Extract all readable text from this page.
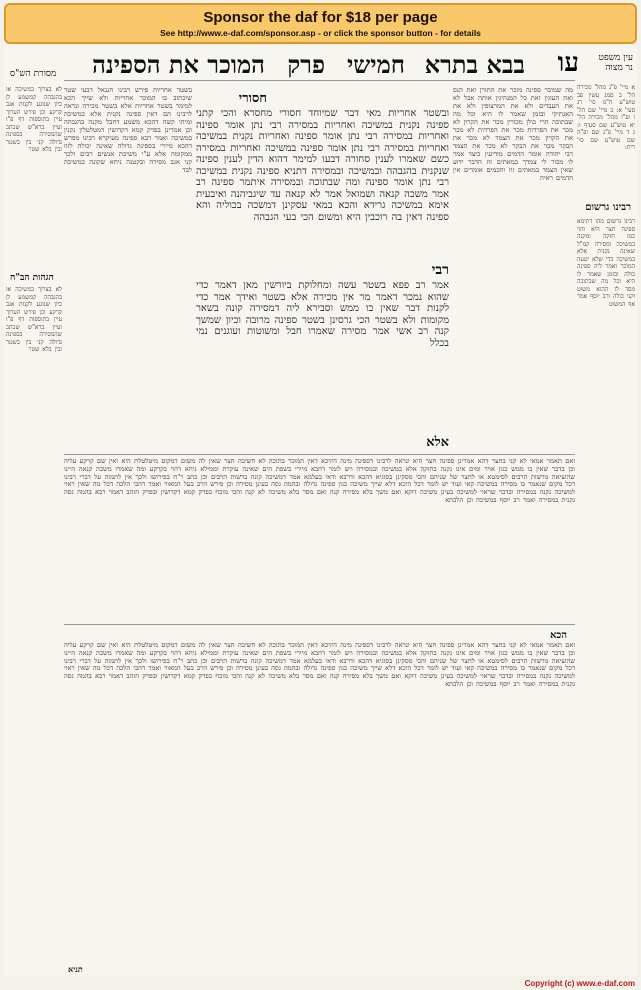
Sponsor the daf for $18 per page
See http://www.e-daf.com/sponsor.asp - or click the sponsor button - for details
עין משפט
נר מצוה
עו
בבא בתרא
חמישי
פרק
המוכר את הספינה
מסורת הש"ס
א מיי' פ"ג מהל' מכירה הל' ב סמג עשין פב טוש"ע ח"מ סי' רג סעי' א: ב מיי' שם הל' ו ופ"ו מהל' מכירה הל' יא טוש"ע שם סעיף ו: ג ד מיי' פ"ג שם ופ"ה שם טוש"ע שם סי' ריח:
רבינו גרשום
רבינו גרשום מהו דתימא ספינה חצר היא והוי כמו חזקה ומקנה במשיכה ומסירה קמ"ל שאינה נקנית אלא במשיכה כדי שלא יטעה המוכר ואמר ליה ספינה כולה ובזמן שאמר לו היא וכל מה שבתוכה מסר לו ההוא משוט וקני כולה ורב יוסף אמר אף המשוט
לא בצרוך במשיכה או בהגבהה קמשמע לן כיון שנוגע לקנות אגב קרקע וכן פירש הערוך עיין בתוספות דף פ"ו ועיין ברא"ש שכתב שהמסירה בספינה גדולה קני בין בשטר ובין בלא שטר
הגהות הב"ח
לא בצרוך במשיכה או בהגבהה קמשמע לן כיון שנוגע לקנות אגב קרקע וכן פירש הערוך עיין בתוספות דף פ"ו ועיין ברא"ש שכתב שהמסירה בספינה גדולה קני בין בשטר ובין בלא שטר
מה שמוכר ספינה מוכר את התורן ואת הנס ואת העוגין ואת כל המנהיגין אותה אבל לא את העבדים ולא את המרצופין ולא את האנתיקי ובזמן שאמר לו היא וכל מה שבתוכה הרי כולן מכורין מכר את הקרון לא מכר את הפרדות מכר את הפרדות לא מכר את הקרון מכר את הצמד לא מכר את הבקר מכר את הבקר לא מכר את הצמד רבי יהודה אומר הדמים מודיעין כיצד אמר לו מכור לי צמדך במאתים זוז הדבר ידוע שאין הצמד במאתים זוז וחכמים אומרים אין הדמים ראיה
בשטר אחריות פירש רבינו חננאל דבעי שטר שיכתוב בו המוכר אחריות ולא שייך הכא למימר בשטר אחריות אלא בשטר מכירה ונראה לרבינו תם דאין ספינה נקנית אלא במשיכה ומיהו קשה דהכא משמע דחבל מקנה בהגבהה וכן אמרינן בפרק קמא דקדושין דמטלטלין נקנין במשיכה ואמר רבא ספינה מעיקרא רבינו מפרש דהכא מיירי בספינה גדולה שאינה יכולה לזוז ממקומה אלא ע"י משיכת אנשים רבים ולכך קני אגב מסירה ובקטנה ניחא שקונה במשיכה לבד
חסורי
ובשטר אחריות מאי דבר שמיוחד חסורי מחסרא והכי קתני ספינה נקנית במשיכה ואחריות במסירה רבי נתן אומר ספינה ואחריות במסירה רבי נתן אומר ספינה ואחריות נקנית במשיכה ואחריות במסירה רבי נתן אומר ספינה במשיכה ואחריות במסירה כשם שאמרו לענין סחורה דבעו למימר דהוא הדין לענין ספינה שנקנית בהגבהה ובמשיכה ובמסירה דתניא ספינה נקנית במשיכה רבי נתן אומר ספינה ומה שבתוכה ובמסירה איתמר ספינה רב אמר משכה קנאה ושמואל אמר לא קנאה עד שיגביהנה ואיבעית אימא במשיכה גרידא והכא במאי עסקינן דמשכה בכוליה והא ספינה דאין בה רוכבין היא ומשום הכי בעי הגבהה
רבי
אמר רב פפא בשטר עשה ומחלוקת ביורשין מאן דאמר כדי שהוא נמכר דאמר מר אין מכירה אלא בשטר ואידך אמר כדי לקנות דבר שאין בו ממש וסבירא ליה דמסירה קונה בשאר מקומות ולא בשטר הכי גרסינן בשטר ספינה מרובה וכיון שמשך קנה רב אשי אמר מסירה שאמרו חבל ומשוטות ועוגנים נמי בכלל
אלא
ואם תאמר אמאי לא קני בחצר דהא אמרינן ספינה חצר היא ונראה לרבינו דספינה מינה דהיכא דאין המוכר בתוכה לא חשיבה חצר שאין לה משום דמקום מיטלטלת היא ואין שם קרקע עליה וכן בדבר שאין בו ממש כגון אויר ומים אינו נקנה בחזקה אלא במשיכה ובמסירה ויש לומר דהכא מיירי בשפת הים שאינה עוקרת וממילא ניחא דהוי כקרקע ומה שאמרו משכה קנאה היינו שהוציאה מרשות הרבים לסימטא או לחצר של שניהם והכי מסקינן בסוגיא דהכא ודרבא ודאי בעלמא אמר דמשיכה קונה ברשות הרבים וכן כתב ר"ח בפירושו ולכך אין לתמוה על דברי רבינו דכל מקום שנאמר בו מסירה במשיכה קאי ועוד יש לומר דכל היכא דלא שייך משיכה כגון ספינה גדולה ובהמה גסה בעינן מסירה וכן פירש הרב בעל המאור ואמר דהכי הלכה דכל מה שאין ראוי למשיכה נקנה במסירה ובדבר שראוי למשיכה בעינן משיכה דוקא ואם משך בלא מסירה קנה ואם מסר בלא משיכה לא קנה והכי מוכח בפרק קמא דקדושין ובפרק הזהב דאמר רבא בהמה גסה נקנית במסירה ואמר רב יוסף במשיכה וכן הלכתא
הכא
ואם תאמר אמאי לא קני בחצר דהא אמרינן ספינה חצר היא ונראה לרבינו דספינה מינה דהיכא דאין המוכר בתוכה לא חשיבה חצר שאין לה משום דמקום מיטלטלת היא ואין שם קרקע עליה וכן בדבר שאין בו ממש כגון אויר ומים אינו נקנה בחזקה אלא במשיכה ובמסירה ויש לומר דהכא מיירי בשפת הים שאינה עוקרת וממילא ניחא דהוי כקרקע ומה שאמרו משכה קנאה היינו שהוציאה מרשות הרבים לסימטא או לחצר של שניהם והכי מסקינן בסוגיא דהכא ודרבא ודאי בעלמא אמר דמשיכה קונה ברשות הרבים וכן כתב ר"ח בפירושו ולכך אין לתמוה על דברי רבינו דכל מקום שנאמר בו מסירה במשיכה קאי ועוד יש לומר דכל היכא דלא שייך משיכה כגון ספינה גדולה ובהמה גסה בעינן מסירה וכן פירש הרב בעל המאור ואמר דהכי הלכה דכל מה שאין ראוי למשיכה נקנה במסירה ובדבר שראוי למשיכה בעינן משיכה דוקא ואם משך בלא מסירה קנה ואם מסר בלא משיכה לא קנה והכי מוכח בפרק קמא דקדושין ובפרק הזהב דאמר רבא בהמה גסה נקנית במסירה ואמר רב יוסף במשיכה וכן הלכתא
תניא
Copyright (c) www.e-daf.com
